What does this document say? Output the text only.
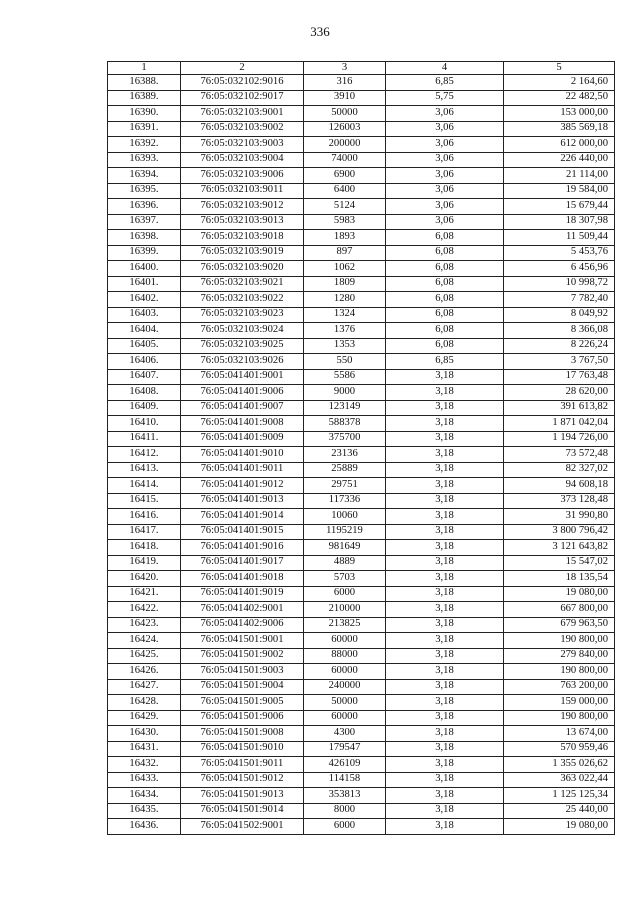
336
1	2	3	4	5
16388.	76:05:032102:9016	316	6,85	2 164,60
16389.	76:05:032102:9017	3910	5,75	22 482,50
16390.	76:05:032103:9001	50000	3,06	153 000,00
16391.	76:05:032103:9002	126003	3,06	385 569,18
16392.	76:05:032103:9003	200000	3,06	612 000,00
16393.	76:05:032103:9004	74000	3,06	226 440,00
16394.	76:05:032103:9006	6900	3,06	21 114,00
16395.	76:05:032103:9011	6400	3,06	19 584,00
16396.	76:05:032103:9012	5124	3,06	15 679,44
16397.	76:05:032103:9013	5983	3,06	18 307,98
16398.	76:05:032103:9018	1893	6,08	11 509,44
16399.	76:05:032103:9019	897	6,08	5 453,76
16400.	76:05:032103:9020	1062	6,08	6 456,96
16401.	76:05:032103:9021	1809	6,08	10 998,72
16402.	76:05:032103:9022	1280	6,08	7 782,40
16403.	76:05:032103:9023	1324	6,08	8 049,92
16404.	76:05:032103:9024	1376	6,08	8 366,08
16405.	76:05:032103:9025	1353	6,08	8 226,24
16406.	76:05:032103:9026	550	6,85	3 767,50
16407.	76:05:041401:9001	5586	3,18	17 763,48
16408.	76:05:041401:9006	9000	3,18	28 620,00
16409.	76:05:041401:9007	123149	3,18	391 613,82
16410.	76:05:041401:9008	588378	3,18	1 871 042,04
16411.	76:05:041401:9009	375700	3,18	1 194 726,00
16412.	76:05:041401:9010	23136	3,18	73 572,48
16413.	76:05:041401:9011	25889	3,18	82 327,02
16414.	76:05:041401:9012	29751	3,18	94 608,18
16415.	76:05:041401:9013	117336	3,18	373 128,48
16416.	76:05:041401:9014	10060	3,18	31 990,80
16417.	76:05:041401:9015	1195219	3,18	3 800 796,42
16418.	76:05:041401:9016	981649	3,18	3 121 643,82
16419.	76:05:041401:9017	4889	3,18	15 547,02
16420.	76:05:041401:9018	5703	3,18	18 135,54
16421.	76:05:041401:9019	6000	3,18	19 080,00
16422.	76:05:041402:9001	210000	3,18	667 800,00
16423.	76:05:041402:9006	213825	3,18	679 963,50
16424.	76:05:041501:9001	60000	3,18	190 800,00
16425.	76:05:041501:9002	88000	3,18	279 840,00
16426.	76:05:041501:9003	60000	3,18	190 800,00
16427.	76:05:041501:9004	240000	3,18	763 200,00
16428.	76:05:041501:9005	50000	3,18	159 000,00
16429.	76:05:041501:9006	60000	3,18	190 800,00
16430.	76:05:041501:9008	4300	3,18	13 674,00
16431.	76:05:041501:9010	179547	3,18	570 959,46
16432.	76:05:041501:9011	426109	3,18	1 355 026,62
16433.	76:05:041501:9012	114158	3,18	363 022,44
16434.	76:05:041501:9013	353813	3,18	1 125 125,34
16435.	76:05:041501:9014	8000	3,18	25 440,00
16436.	76:05:041502:9001	6000	3,18	19 080,00
